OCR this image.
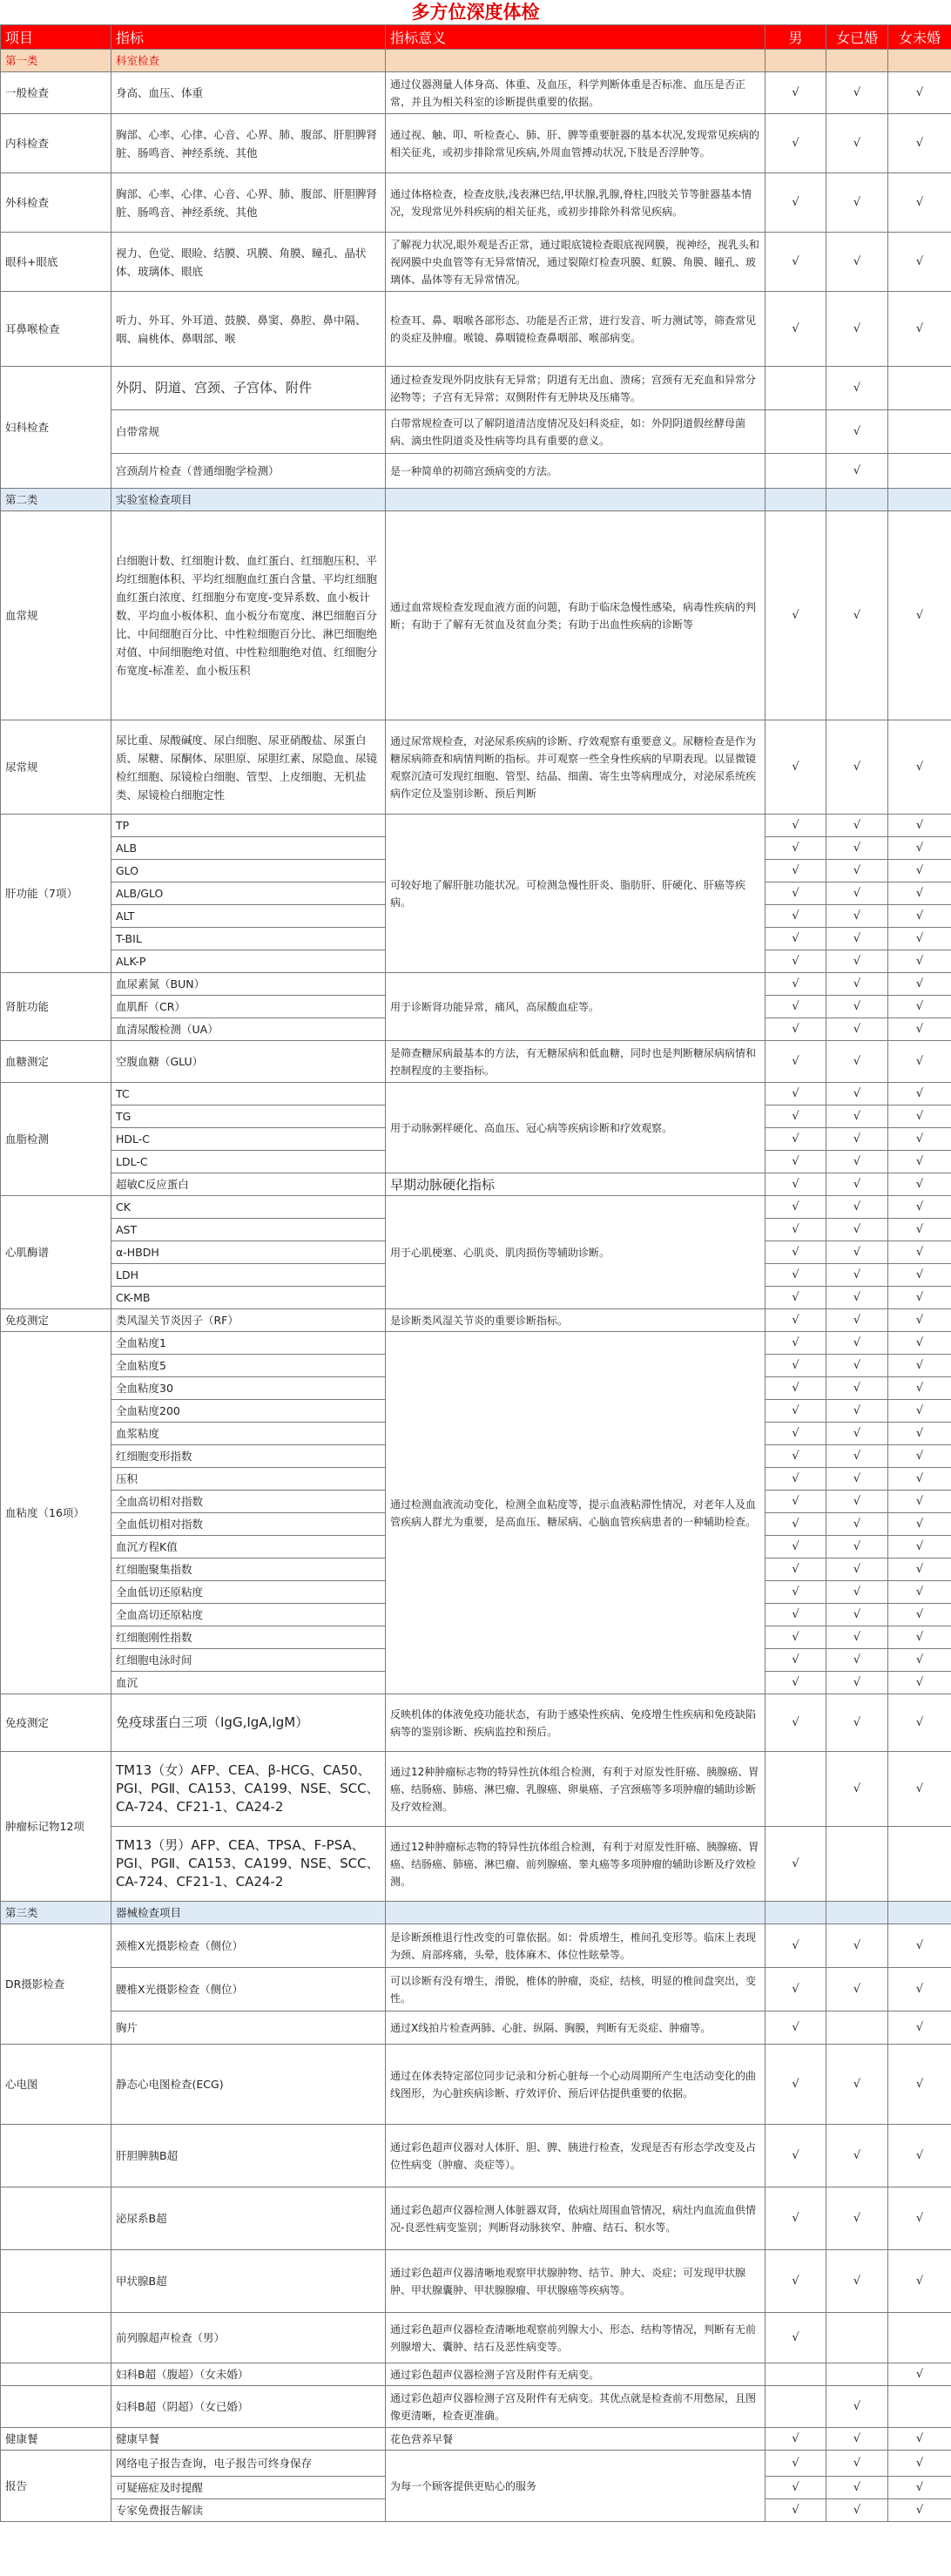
多方位深度体检
项目	指标	指标意义	男	女已婚	女未婚
第一类	科室检查				
一般检查	身高、血压、体重	通过仪器测量人体身高、体重、及血压，科学判断体重是否标准、血压是否正常，并且为相关科室的诊断提供重要的依据。	√	√	√
内科检查	胸部、心率、心律、心音、心界、肺、腹部、肝胆脾肾脏、肠鸣音、神经系统、其他	通过视、触、叩、听检查心、肺、肝、脾等重要脏器的基本状况,发现常见疾病的相关征兆，或初步排除常见疾病,外周血管搏动状况,下肢是否浮肿等。	√	√	√
外科检查	胸部、心率、心律、心音、心界、肺、腹部、肝胆脾肾脏、肠鸣音、神经系统、其他	通过体格检查，检查皮肤,浅表淋巴结,甲状腺,乳腺,脊柱,四肢关节等脏器基本情况，发现常见外科疾病的相关征兆，或初步排除外科常见疾病。	√	√	√
眼科+眼底	视力、色觉、眼睑、结膜、巩膜、角膜、瞳孔、晶状体、玻璃体、眼底	了解视力状况,眼外观是否正常，通过眼底镜检查眼底视网膜，视神经，视乳头和视网膜中央血管等有无异常情况，通过裂隙灯检查巩膜、虹膜、角膜、瞳孔、玻璃体、晶体等有无异常情况。	√	√	√
耳鼻喉检查	听力、外耳、外耳道、鼓膜、鼻窦、鼻腔、鼻中隔、咽、扁桃体、鼻咽部、喉	检查耳、鼻、咽喉各部形态、功能是否正常，进行发音、听力测试等，筛查常见的炎症及肿瘤。喉镜、鼻咽镜检查鼻咽部、喉部病变。	√	√	√
妇科检查	外阴、阴道、宫颈、子宫体、附件	通过检查发现外阴皮肤有无异常；阴道有无出血、溃疡；宫颈有无充血和异常分泌物等；子宫有无异常；双侧附件有无肿块及压痛等。		√	
	白带常规	白带常规检查可以了解阴道清洁度情况及妇科炎症，如：外阴阴道假丝酵母菌病、滴虫性阴道炎及性病等均具有重要的意义。		√	
	宫颈刮片检查（普通细胞学检测）	是一种简单的初筛宫颈病变的方法。		√	
第二类	实验室检查项目				
血常规	白细胞计数、红细胞计数、血红蛋白、红细胞压积、平均红细胞体积、平均红细胞血红蛋白含量、平均红细胞血红蛋白浓度、红细胞分布宽度-变异系数、血小板计数、平均血小板体积、血小板分布宽度、淋巴细胞百分比、中间细胞百分比、中性粒细胞百分比、淋巴细胞绝对值、中间细胞绝对值、中性粒细胞绝对值、红细胞分布宽度-标准差、血小板压积	通过血常规检查发现血液方面的问题，有助于临床急慢性感染，病毒性疾病的判断；有助于了解有无贫血及贫血分类；有助于出血性疾病的诊断等	√	√	√
尿常规	尿比重、尿酸碱度、尿白细胞、尿亚硝酸盐、尿蛋白质、尿糖、尿酮体、尿胆原、尿胆红素、尿隐血、尿镜检红细胞、尿镜检白细胞、管型、上皮细胞、无机盐类、尿镜检白细胞定性	通过尿常规检查，对泌尿系疾病的诊断、疗效观察有重要意义。尿糖检查是作为糖尿病筛查和病情判断的指标。并可观察一些全身性疾病的早期表现。以显微镜观察沉渣可发现红细胞、管型、结晶、细菌、寄生虫等病理成分，对泌尿系统疾病作定位及鉴别诊断、预后判断	√	√	√
肝功能（7项）	TP	可较好地了解肝脏功能状况。可检测急慢性肝炎、脂肪肝、肝硬化、肝癌等疾病。	√	√	√
	ALB		√	√	√
	GLO		√	√	√
	ALB/GLO		√	√	√
	ALT		√	√	√
	T-BIL		√	√	√
	ALK-P		√	√	√
肾脏功能	血尿素氮（BUN）	用于诊断肾功能异常，痛风，高尿酸血症等。	√	√	√
	血肌酐（CR）		√	√	√
	血清尿酸检测（UA）		√	√	√
血糖测定	空腹血糖（GLU）	是筛查糖尿病最基本的方法，有无糖尿病和低血糖，同时也是判断糖尿病病情和控制程度的主要指标。	√	√	√
血脂检测	TC	用于动脉粥样硬化、高血压、冠心病等疾病诊断和疗效观察。	√	√	√
	TG		√	√	√
	HDL-C		√	√	√
	LDL-C		√	√	√
	超敏C反应蛋白	早期动脉硬化指标	√	√	√
心肌酶谱	CK	用于心肌梗塞、心肌炎、肌肉损伤等辅助诊断。	√	√	√
	AST		√	√	√
	α-HBDH		√	√	√
	LDH		√	√	√
	CK-MB		√	√	√
免疫测定	类风湿关节炎因子（RF）	是诊断类风湿关节炎的重要诊断指标。	√	√	√
血粘度（16项）	全血粘度1	通过检测血液流动变化，检测全血粘度等，提示血液粘滞性情况，对老年人及血管疾病人群尤为重要，是高血压、糖尿病、心脑血管疾病患者的一种辅助检查。	√	√	√
	全血粘度5		√	√	√
	全血粘度30		√	√	√
	全血粘度200		√	√	√
	血浆粘度		√	√	√
	红细胞变形指数		√	√	√
	压积		√	√	√
	全血高切相对指数		√	√	√
	全血低切相对指数		√	√	√
	血沉方程K值		√	√	√
	红细胞聚集指数		√	√	√
	全血低切还原粘度		√	√	√
	全血高切还原粘度		√	√	√
	红细胞刚性指数		√	√	√
	红细胞电泳时间		√	√	√
	血沉		√	√	√
免疫测定	免疫球蛋白三项（IgG,IgA,IgM）	反映机体的体液免疫功能状态，有助于感染性疾病、免疫增生性疾病和免疫缺陷病等的鉴别诊断、疾病监控和预后。	√	√	√
肿瘤标记物12项	TM13（女）AFP、CEA、β-HCG、CA50、PGⅠ、PGⅡ、CA153、CA199、NSE、SCC、CA-724、CF21-1、CA24-2	通过12种肿瘤标志物的特异性抗体组合检测，有利于对原发性肝癌、胰腺癌、胃癌、结肠癌、肺癌、淋巴瘤、乳腺癌、卵巢癌、子宫颈癌等多项肿瘤的辅助诊断及疗效检测。		√	√
	TM13（男）AFP、CEA、TPSA、F-PSA、PGⅠ、PGⅡ、CA153、CA199、NSE、SCC、CA-724、CF21-1、CA24-2	通过12种肿瘤标志物的特异性抗体组合检测，有利于对原发性肝癌、胰腺癌、胃癌、结肠癌、肺癌、淋巴瘤、前列腺癌、睾丸癌等多项肿瘤的辅助诊断及疗效检测。	√		
第三类	器械检查项目				
DR摄影检查	颈椎X光摄影检查（侧位）	是诊断颈椎退行性改变的可靠依据。如：骨质增生，椎间孔变形等。临床上表现为颈、肩部疼痛，头晕，肢体麻木、体位性眩晕等。	√	√	√
	腰椎X光摄影检查（侧位）	可以诊断有没有增生，滑脱，椎体的肿瘤，炎症，结核，明显的椎间盘突出，变性。	√	√	√
	胸片	通过X线拍片检查两肺、心脏、纵隔、胸膜，判断有无炎症、肿瘤等。	√		√
心电图	静态心电图检查(ECG)	通过在体表特定部位同步记录和分析心脏每一个心动周期所产生电活动变化的曲线图形，为心脏疾病诊断、疗效评价、预后评估提供重要的依据。	√	√	√
	肝胆脾胰B超	通过彩色超声仪器对人体肝、胆、脾、胰进行检查，发现是否有形态学改变及占位性病变（肿瘤、炎症等）。	√	√	√
	泌尿系B超	通过彩色超声仪器检测人体脏器双肾，依病灶周围血管情况，病灶内血流血供情况-良恶性病变鉴别；判断肾动脉狭窄、肿瘤、结石、积水等。	√	√	√
	甲状腺B超	通过彩色超声仪器清晰地观察甲状腺肿物、结节、肿大、炎症；可发现甲状腺肿、甲状腺囊肿、甲状腺腺瘤、甲状腺癌等疾病等。	√	√	√
	前列腺超声检查（男）	通过彩色超声仪器检查清晰地观察前列腺大小、形态、结构等情况，判断有无前列腺增大、囊肿、结石及恶性病变等。	√		
	妇科B超（腹超）（女未婚）	通过彩色超声仪器检测子宫及附件有无病变。			√
	妇科B超（阴超）（女已婚）	通过彩色超声仪器检测子宫及附件有无病变。其优点就是检查前不用憋尿，且图像更清晰，检查更准确。		√	
健康餐	健康早餐	花色营养早餐	√	√	√
报告	网络电子报告查询，电子报告可终身保存	为每一个顾客提供更贴心的服务	√	√	√
	可疑癌症及时提醒		√	√	√
	专家免费报告解读		√	√	√
